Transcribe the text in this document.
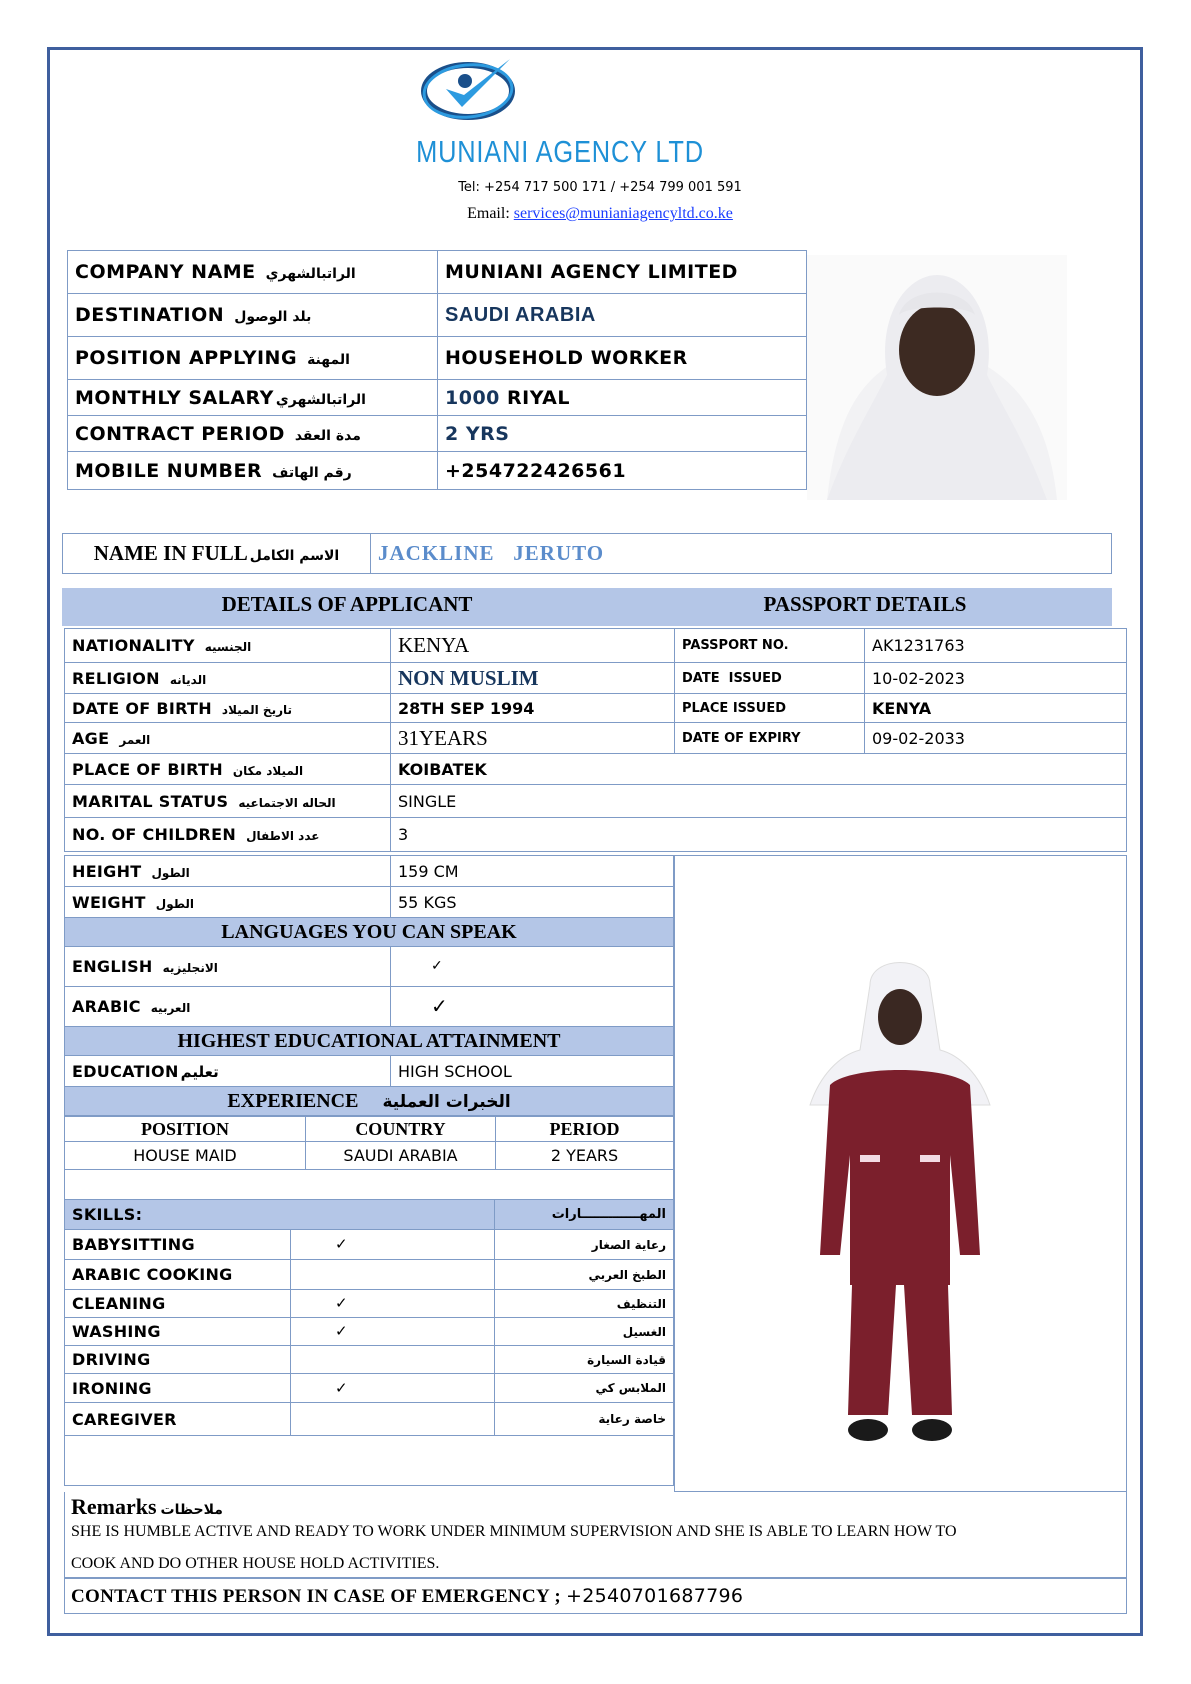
MUNIANI AGENCY LTD
Tel: +254 717 500 171 / +254 799 001 591
Email: services@munianiagencyltd.co.ke
COMPANY NAME الراتبالشهري	MUNIANI AGENCY LIMITED
DESTINATION بلد الوصول	SAUDI ARABIA
POSITION APPLYING المهنة	HOUSEHOLD WORKER
MONTHLY SALARY الراتبالشهري	1000 RIYAL
CONTRACT PERIOD مدة العقد	2 YRS
MOBILE NUMBER رقم الهاتف	+254722426561
NAME IN FULL الاسم الكامل	JACKLINE   JERUTO
DETAILS OF APPLICANT	PASSPORT DETAILS
NATIONALITY الجنسيه	KENYA	PASSPORT NO.	AK1231763
RELIGION الديانه	NON MUSLIM	DATE  ISSUED	10-02-2023
DATE OF BIRTH تاريخ الميلاد	28TH SEP 1994	PLACE ISSUED	KENYA
AGE العمر	31YEARS	DATE OF EXPIRY	09-02-2033
PLACE OF BIRTH الميلاد مكان	KOIBATEK		
MARITAL STATUS الحاله الاجتماعيه	SINGLE		
NO. OF CHILDREN عدد الاطفال	3		
HEIGHT الطول	159 CM
WEIGHT الطول	55 KGS
LANGUAGES YOU CAN SPEAK	
ENGLISH الانجليزيه	✓
ARABIC العربيه	✓
HIGHEST EDUCATIONAL ATTAINMENT	
EDUCATION تعليم	HIGH SCHOOL
EXPERIENCE الخبرات العملية	
POSITION	COUNTRY	PERIOD
HOUSE MAID	SAUDI ARABIA	2 YEARS

SKILLS:		المهـــــــــــــارات
BABYSITTING	✓	رعاية الصغار
ARABIC COOKING		الطبخ العربي
CLEANING	✓	التنظيف
WASHING	✓	الغسيل
DRIVING		قيادة السيارة
IRONING	✓	الملابس كي
CAREGIVER		خاصة رعاية

Remarks ملاحظات
SHE IS HUMBLE ACTIVE AND READY TO WORK UNDER MINIMUM SUPERVISION AND SHE IS ABLE TO LEARN HOW TO
COOK AND DO OTHER HOUSE HOLD ACTIVITIES.
CONTACT THIS PERSON IN CASE OF EMERGENCY ; +2540701687796
